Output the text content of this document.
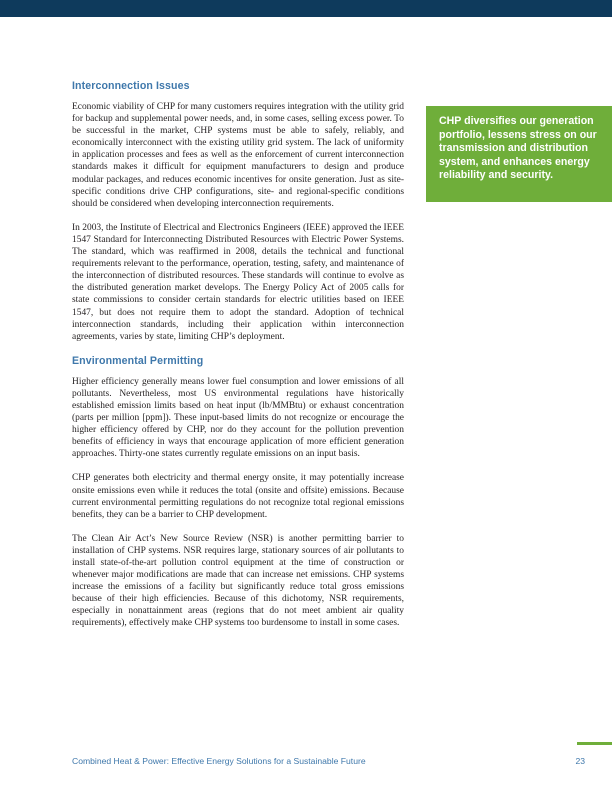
Interconnection Issues

Economic viability of CHP for many customers requires integration with the utility grid for backup and supplemental power needs, and, in some cases, selling excess power. To be successful in the market, CHP systems must be able to safely, reliably, and economically interconnect with the existing utility grid system. The lack of uniformity in application processes and fees as well as the enforcement of current interconnection standards makes it difficult for equipment manufacturers to design and produce modular packages, and reduces economic incentives for onsite generation. Just as site-specific conditions drive CHP configurations, site- and regional-specific conditions should be considered when developing interconnection requirements.

In 2003, the Institute of Electrical and Electronics Engineers (IEEE) approved the IEEE 1547 Standard for Interconnecting Distributed Resources with Electric Power Systems. The standard, which was reaffirmed in 2008, details the technical and functional requirements relevant to the performance, operation, testing, safety, and maintenance of the interconnection of distributed resources. These standards will continue to evolve as the distributed generation market develops. The Energy Policy Act of 2005 calls for state commissions to consider certain standards for electric utilities based on IEEE 1547, but does not require them to adopt the standard. Adoption of technical interconnection standards, including their application within interconnection agreements, varies by state, limiting CHP’s deployment.

Environmental Permitting

Higher efficiency generally means lower fuel consumption and lower emissions of all pollutants. Nevertheless, most US environmental regulations have historically established emission limits based on heat input (lb/MMBtu) or exhaust concentration (parts per million [ppm]). These input-based limits do not recognize or encourage the higher efficiency offered by CHP, nor do they account for the pollution prevention benefits of efficiency in ways that encourage application of more efficient generation approaches. Thirty-one states currently regulate emissions on an input basis.

CHP generates both electricity and thermal energy onsite, it may potentially increase onsite emissions even while it reduces the total (onsite and offsite) emissions. Because current environmental permitting regulations do not recognize total regional emissions benefits, they can be a barrier to CHP development.

The Clean Air Act’s New Source Review (NSR) is another permitting barrier to installation of CHP systems. NSR requires large, stationary sources of air pollutants to install state-of-the-art pollution control equipment at the time of construction or whenever major modifications are made that can increase net emissions. CHP systems increase the emissions of a facility but significantly reduce total gross emissions because of their high efficiencies. Because of this dichotomy, NSR requirements, especially in nonattainment areas (regions that do not meet ambient air quality requirements), effectively make CHP systems too burdensome to install in some cases.

CHP diversifies our generation portfolio, lessens stress on our transmission and distribution system, and enhances energy reliability and security.
Combined Heat & Power: Effective Energy Solutions for a Sustainable Future	23
